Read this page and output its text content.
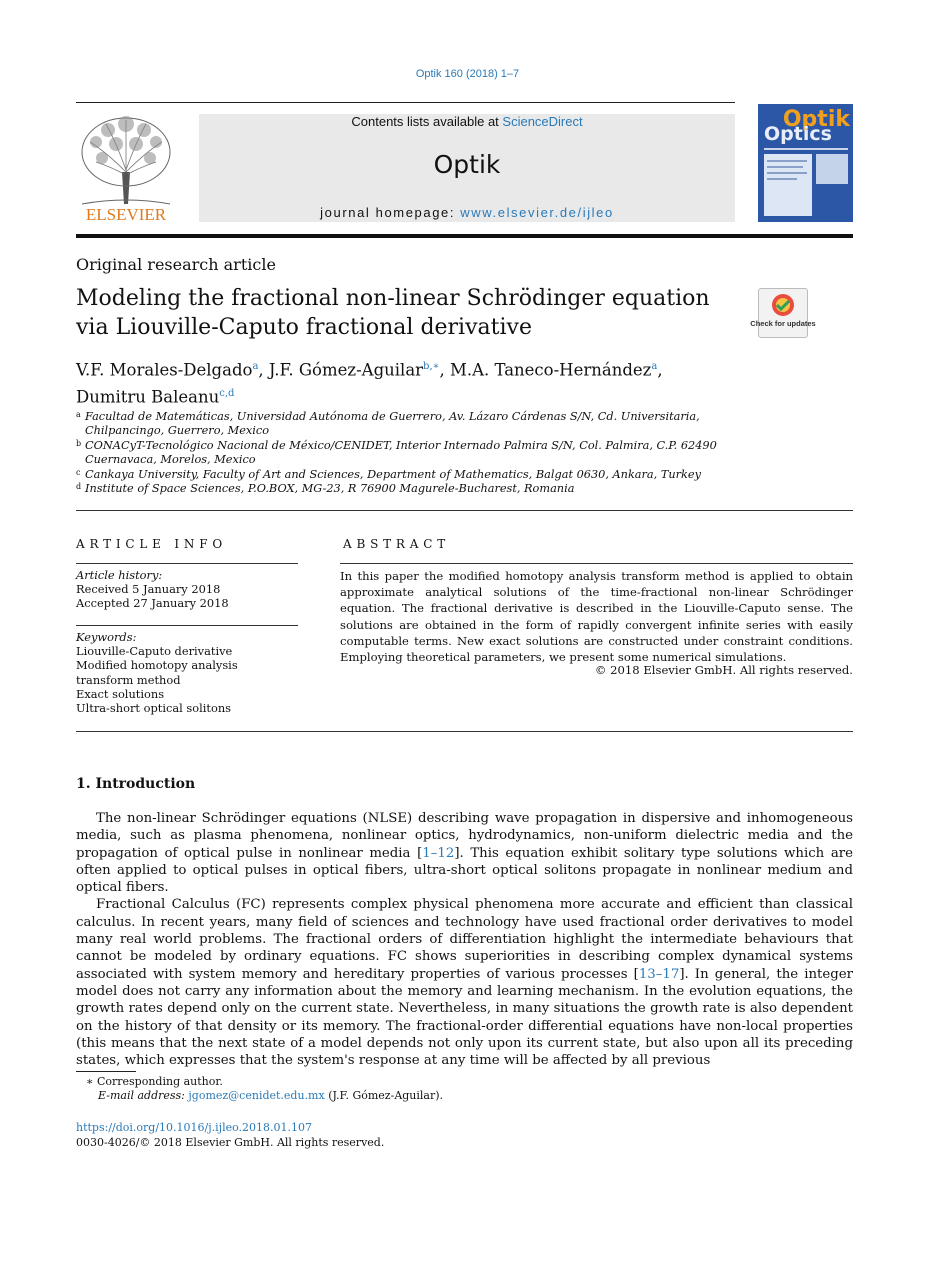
Optik 160 (2018) 1–7
ELSEVIER
Contents lists available at ScienceDirect
Optik
journal homepage: www.elsevier.de/ijleo
Optik
Optics
Original research article
Modeling the fractional non-linear Schrödinger equation via Liouville-Caputo fractional derivative	Check for updates
V.F. Morales-Delgado$^a$, J.F. Gómez-Aguilar$^{b,∗}$, M.A. Taneco-Hernández$^a$,
Dumitru Baleanu$^{c,d}$
a Facultad de Matemáticas, Universidad Autónoma de Guerrero, Av. Lázaro Cárdenas S/N, Cd. Universitaria, Chilpancingo, Guerrero, Mexico
b CONACyT-Tecnológico Nacional de México/CENIDET, Interior Internado Palmira S/N, Col. Palmira, C.P. 62490 Cuernavaca, Morelos, Mexico
c Cankaya University, Faculty of Art and Sciences, Department of Mathematics, Balgat 0630, Ankara, Turkey
d Institute of Space Sciences, P.O.BOX, MG-23, R 76900 Magurele-Bucharest, Romania
ARTICLE INFO	ABSTRACT
Article history:
Received 5 January 2018
Accepted 27 January 2018
Keywords:
Liouville-Caputo derivative
Modified homotopy analysis transform method
Exact solutions
Ultra-short optical solitons
In this paper the modified homotopy analysis transform method is applied to obtain approximate analytical solutions of the time-fractional non-linear Schrödinger equation. The fractional derivative is described in the Liouville-Caputo sense. The solutions are obtained in the form of rapidly convergent infinite series with easily computable terms. New exact solutions are constructed under constraint conditions. Employing theoretical parameters, we present some numerical simulations.
© 2018 Elsevier GmbH. All rights reserved.
1. Introduction

The non-linear Schrödinger equations (NLSE) describing wave propagation in dispersive and inhomogeneous media, such as plasma phenomena, nonlinear optics, hydrodynamics, non-uniform dielectric media and the propagation of optical pulse in nonlinear media [1–12]. This equation exhibit solitary type solutions which are often applied to optical pulses in optical fibers, ultra-short optical solitons propagate in nonlinear medium and optical fibers.

Fractional Calculus (FC) represents complex physical phenomena more accurate and efficient than classical calculus. In recent years, many field of sciences and technology have used fractional order derivatives to model many real world problems. The fractional orders of differentiation highlight the intermediate behaviours that cannot be modeled by ordinary equations. FC shows superiorities in describing complex dynamical systems associated with system memory and hereditary properties of various processes [13–17]. In general, the integer model does not carry any information about the memory and learning mechanism. In the evolution equations, the growth rates depend only on the current state. Nevertheless, in many situations the growth rate is also dependent on the history of that density or its memory. The fractional-order differential equations have non-local properties (this means that the next state of a model depends not only upon its current state, but also upon all its preceding states, which expresses that the system's response at any time will be affected by all previous

∗ Corresponding author.
E-mail address: jgomez@cenidet.edu.mx (J.F. Gómez-Aguilar).
https://doi.org/10.1016/j.ijleo.2018.01.107
0030-4026/© 2018 Elsevier GmbH. All rights reserved.
